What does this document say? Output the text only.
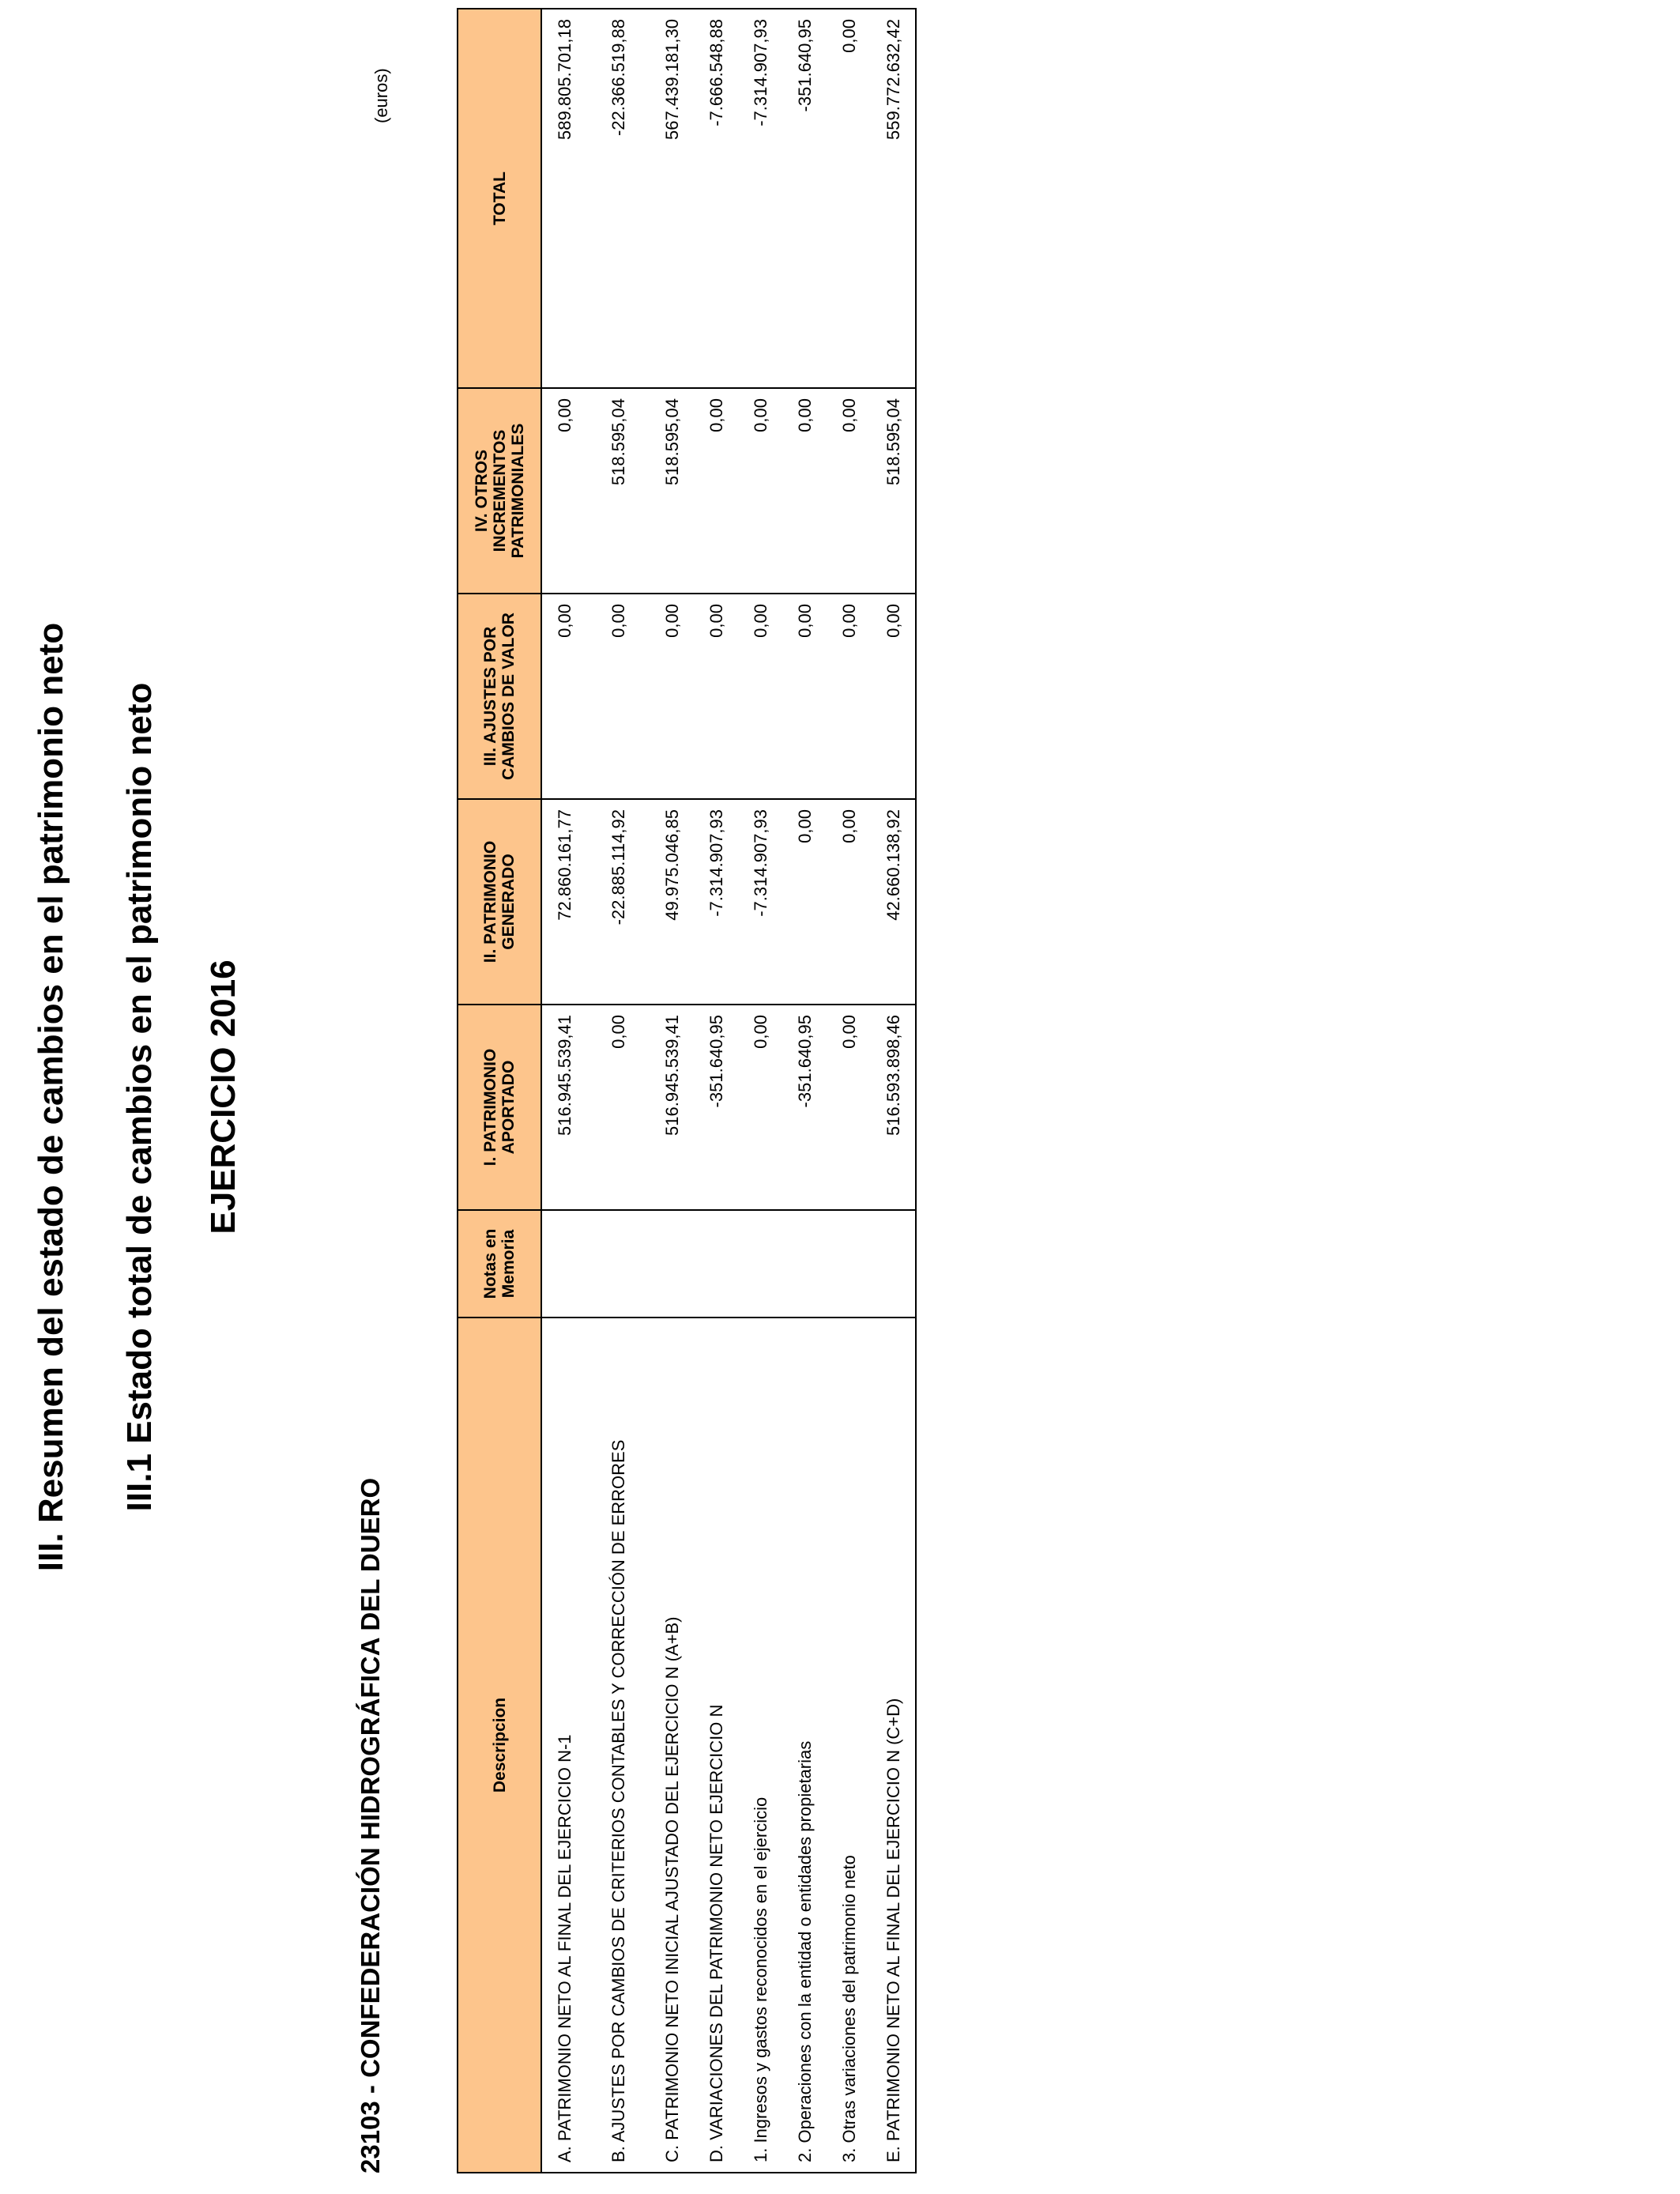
III. Resumen del estado de cambios en el patrimonio neto III.1 Estado total de cambios en el patrimonio neto EJERCICIO 2016
23103 - CONFEDERACIÓN HIDROGRÁFICA DEL DUERO
(euros)
Descripcion	Notas en Memoria	I. PATRIMONIO APORTADO	II. PATRIMONIO GENERADO	III. AJUSTES POR CAMBIOS DE VALOR	IV. OTROS INCREMENTOS PATRIMONIALES	TOTAL
A. PATRIMONIO NETO AL FINAL DEL EJERCICIO N-1		516.945.539,41	72.860.161,77	0,00	0,00	589.805.701,18
B. AJUSTES POR CAMBIOS DE CRITERIOS CONTABLES Y CORRECCIÓN DE ERRORES		0,00	-22.885.114,92	0,00	518.595,04	-22.366.519,88
C. PATRIMONIO NETO INICIAL AJUSTADO DEL EJERCICIO N (A+B)		516.945.539,41	49.975.046,85	0,00	518.595,04	567.439.181,30
D. VARIACIONES DEL PATRIMONIO NETO EJERCICIO N		-351.640,95	-7.314.907,93	0,00	0,00	-7.666.548,88
1. Ingresos y gastos reconocidos en el ejercicio		0,00	-7.314.907,93	0,00	0,00	-7.314.907,93
2. Operaciones con la entidad o entidades propietarias		-351.640,95	0,00	0,00	0,00	-351.640,95
3. Otras variaciones del patrimonio neto		0,00	0,00	0,00	0,00	0,00
E. PATRIMONIO NETO AL FINAL DEL EJERCICIO N (C+D)		516.593.898,46	42.660.138,92	0,00	518.595,04	559.772.632,42
